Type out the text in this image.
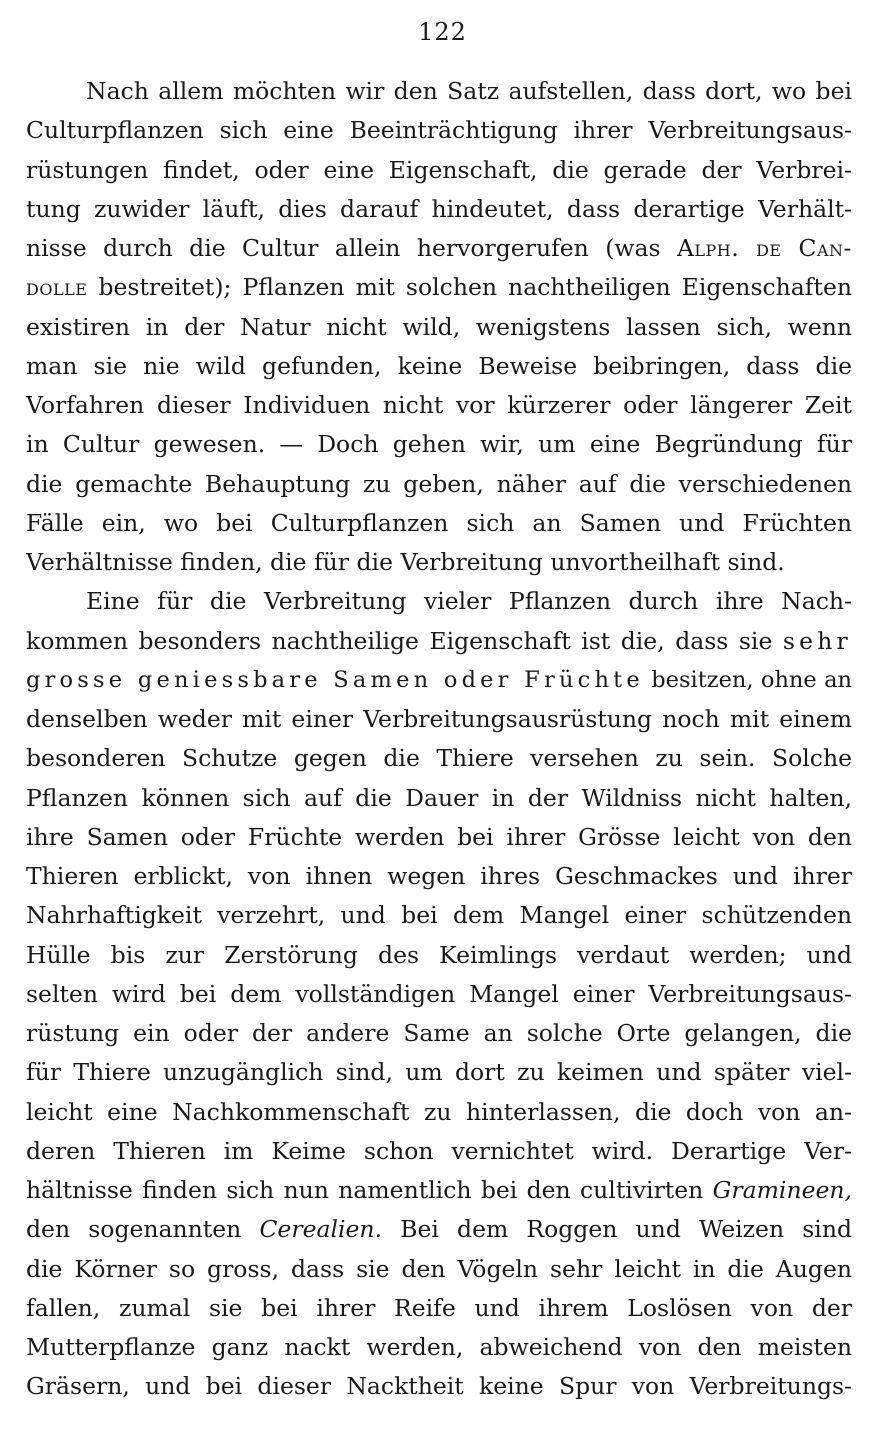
122
Nach allem möchten wir den Satz aufstellen, dass dort, wo bei
Culturpflanzen sich eine Beeinträchtigung ihrer Verbreitungsaus-
rüstungen findet, oder eine Eigenschaft, die gerade der Verbrei-
tung zuwider läuft, dies darauf hindeutet, dass derartige Verhält-
nisse durch die Cultur allein hervorgerufen (was Alph. de Can-
dolle bestreitet); Pflanzen mit solchen nachtheiligen Eigenschaften
existiren in der Natur nicht wild, wenigstens lassen sich, wenn
man sie nie wild gefunden, keine Beweise beibringen, dass die
Vorfahren dieser Individuen nicht vor kürzerer oder längerer Zeit
in Cultur gewesen. — Doch gehen wir, um eine Begründung für
die gemachte Behauptung zu geben, näher auf die verschiedenen
Fälle ein, wo bei Culturpflanzen sich an Samen und Früchten
Verhältnisse finden, die für die Verbreitung unvortheilhaft sind.
Eine für die Verbreitung vieler Pflanzen durch ihre Nach-
kommen besonders nachtheilige Eigenschaft ist die, dass sie sehr
grosse geniessbare Samen oder Früchte besitzen, ohne an
denselben weder mit einer Verbreitungsausrüstung noch mit einem
besonderen Schutze gegen die Thiere versehen zu sein. Solche
Pflanzen können sich auf die Dauer in der Wildniss nicht halten,
ihre Samen oder Früchte werden bei ihrer Grösse leicht von den
Thieren erblickt, von ihnen wegen ihres Geschmackes und ihrer
Nahrhaftigkeit verzehrt, und bei dem Mangel einer schützenden
Hülle bis zur Zerstörung des Keimlings verdaut werden; und
selten wird bei dem vollständigen Mangel einer Verbreitungsaus-
rüstung ein oder der andere Same an solche Orte gelangen, die
für Thiere unzugänglich sind, um dort zu keimen und später viel-
leicht eine Nachkommenschaft zu hinterlassen, die doch von an-
deren Thieren im Keime schon vernichtet wird. Derartige Ver-
hältnisse finden sich nun namentlich bei den cultivirten Gramineen,
den sogenannten Cerealien. Bei dem Roggen und Weizen sind
die Körner so gross, dass sie den Vögeln sehr leicht in die Augen
fallen, zumal sie bei ihrer Reife und ihrem Loslösen von der
Mutterpflanze ganz nackt werden, abweichend von den meisten
Gräsern, und bei dieser Nacktheit keine Spur von Verbreitungs-
